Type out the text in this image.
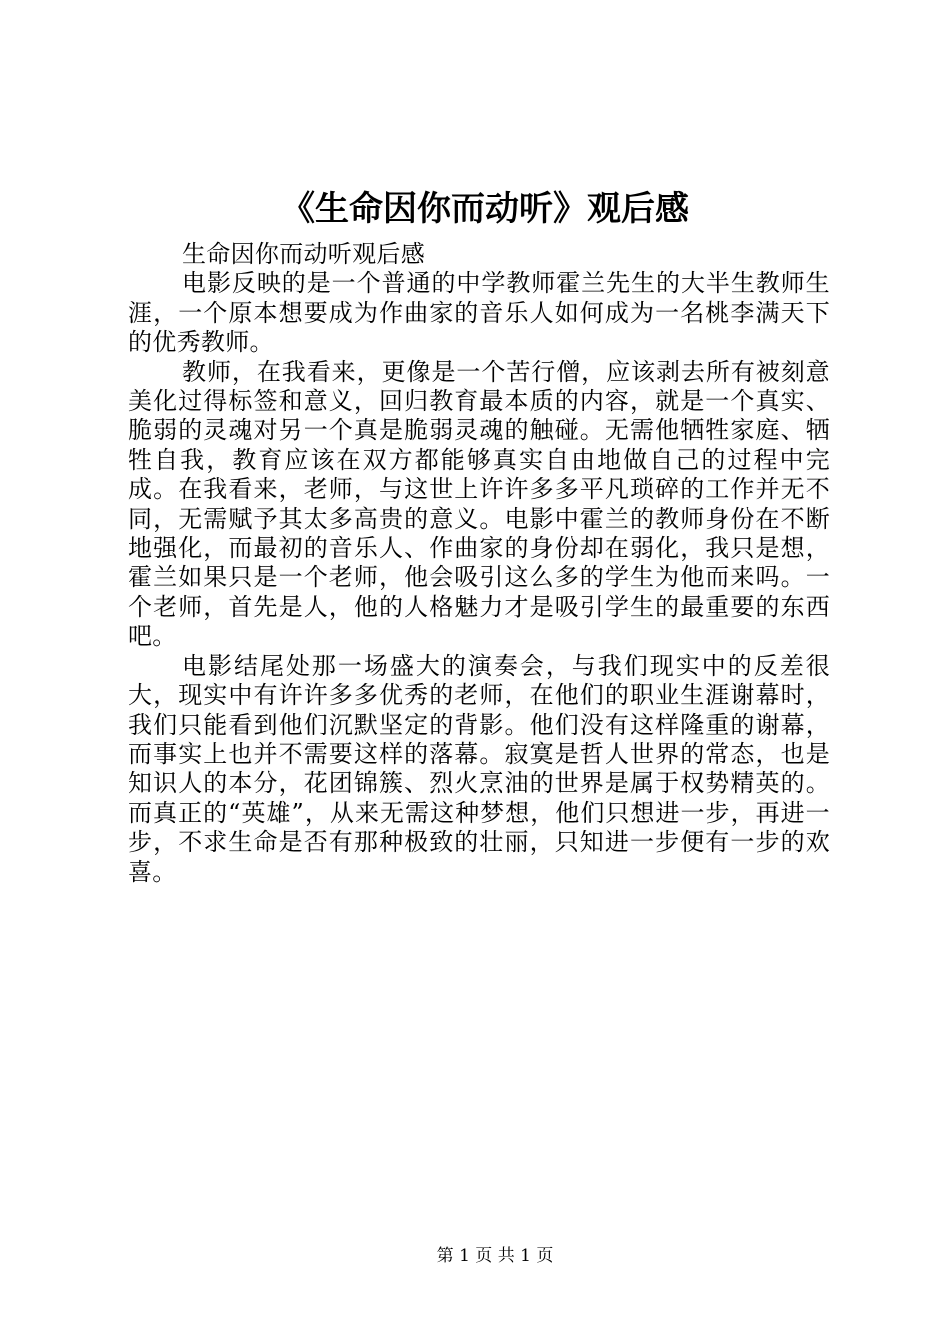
《生命因你而动听》观后感

生命因你而动听观后感

电影反映的是一个普通的中学教师霍兰先生的大半生教师生涯，一个原本想要成为作曲家的音乐人如何成为一名桃李满天下的优秀教师。

教师，在我看来，更像是一个苦行僧，应该剥去所有被刻意美化过得标签和意义，回归教育最本质的内容，就是一个真实、脆弱的灵魂对另一个真是脆弱灵魂的触碰。无需他牺牲家庭、牺牲自我，教育应该在双方都能够真实自由地做自己的过程中完成。在我看来，老师，与这世上许许多多平凡琐碎的工作并无不同，无需赋予其太多高贵的意义。电影中霍兰的教师身份在不断地强化，而最初的音乐人、作曲家的身份却在弱化，我只是想，霍兰如果只是一个老师，他会吸引这么多的学生为他而来吗。一个老师，首先是人，他的人格魅力才是吸引学生的最重要的东西吧。

电影结尾处那一场盛大的演奏会，与我们现实中的反差很大，现实中有许许多多优秀的老师，在他们的职业生涯谢幕时，我们只能看到他们沉默坚定的背影。他们没有这样隆重的谢幕，而事实上也并不需要这样的落幕。寂寞是哲人世界的常态，也是知识人的本分，花团锦簇、烈火烹油的世界是属于权势精英的。而真正的“英雄”，从来无需这种梦想，他们只想进一步，再进一步，不求生命是否有那种极致的壮丽，只知进一步便有一步的欢喜。

第 1 页 共 1 页
